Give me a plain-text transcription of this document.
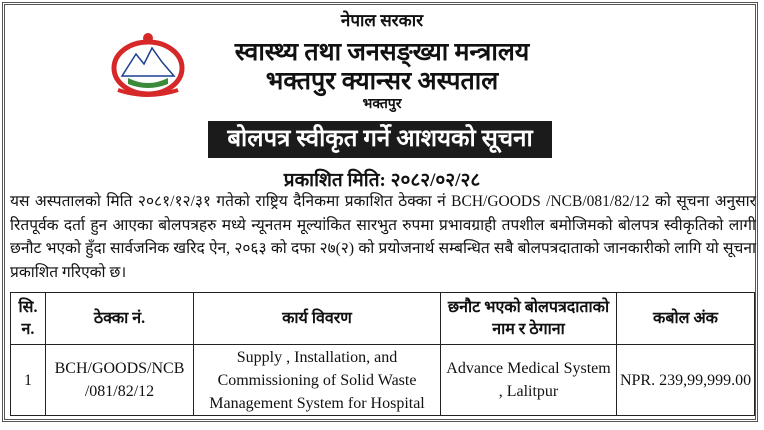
नेपाल सरकार
स्वास्थ्य तथा जनसङ्ख्या मन्त्रालय
भक्तपुर क्यान्सर अस्पताल
भक्तपुर
बोलपत्र स्वीकृत गर्ने आशयको सूचना
प्रकाशित मिति: २०८२/०२/२८
यस अस्पतालको मिति २०८१/१२/३१ गतेको राष्ट्रिय दैनिकमा प्रकाशित ठेक्का नं BCH/GOODS /NCB/081/82/12 को सूचना अनुसार रितपूर्वक दर्ता हुन आएका बोलपत्रहरु मध्ये न्यूनतम मूल्यांकित सारभुत रुपमा प्रभावग्राही तपशील बमोजिमको बोलपत्र स्वीकृतिको लागी छनौट भएको हुँदा सार्वजनिक खरिद ऐन, २०६३ को दफा २७(२) को प्रयोजनार्थ सम्बन्धित सबै बोलपत्रदाताको जानकारीको लागि यो सूचना प्रकाशित गरिएको छ।
सि. न.	ठेक्का नं.	कार्य विवरण	छनौट भएको बोलपत्रदाताको नाम र ठेगाना	कबोल अंक
1	BCH/GOODS/NCB /081/82/12	Supply , Installation, and Commissioning of Solid Waste Management System for Hospital	Advance Medical System , Lalitpur	NPR. 239,99,999.00
